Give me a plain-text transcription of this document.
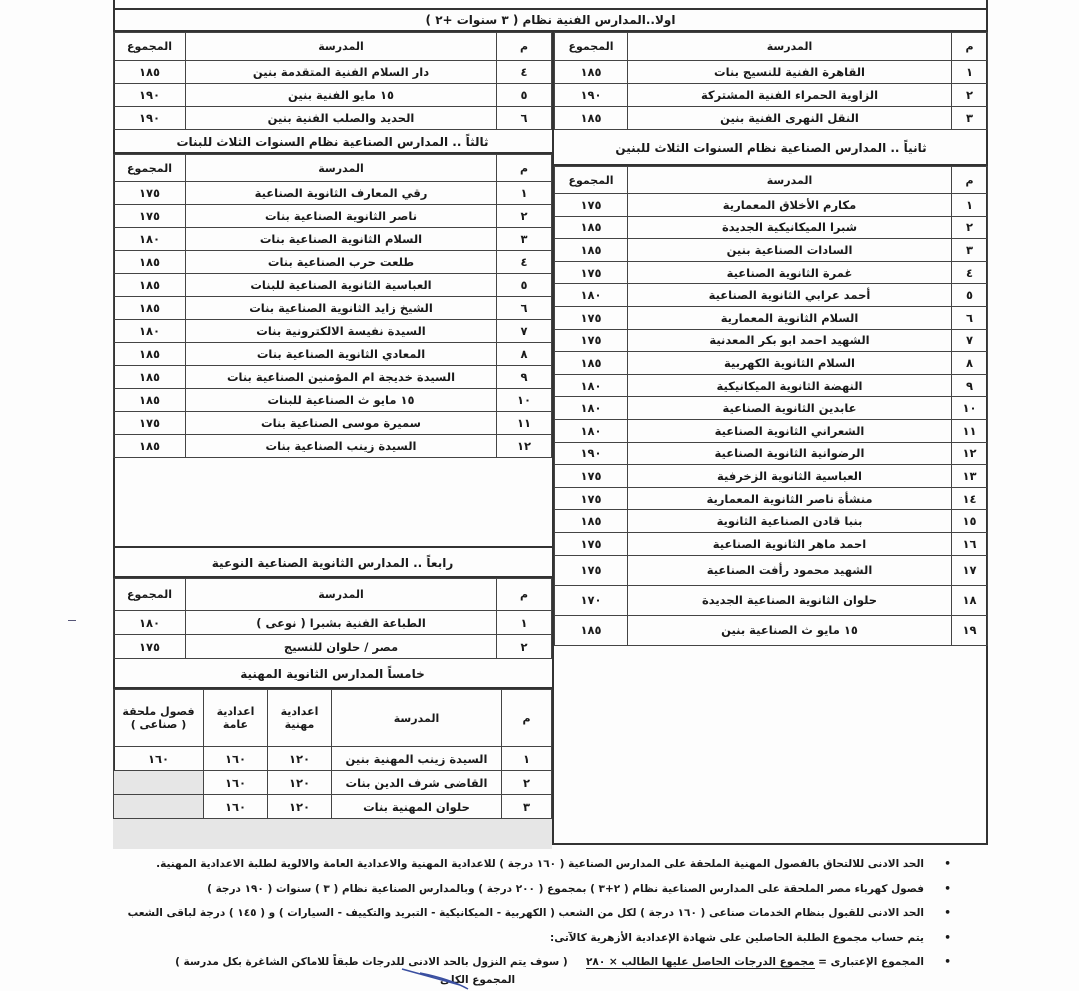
اولا..المدارس الفنية نظام ( ٣ سنوات +٢ )
م	المدرسة	المجموع
١	القاهرة الفنية للنسيج بنات	١٨٥
٢	الزاوية الحمراء الفنية المشتركة	١٩٠
٣	النقل النهرى الفنية بنين	١٨٥
ثانياً .. المدارس الصناعية نظام السنوات الثلاث للبنين
م	المدرسة	المجموع
١	مكارم الأخلاق المعمارية	١٧٥
٢	شبرا الميكانيكية الجديدة	١٨٥
٣	السادات الصناعية بنين	١٨٥
٤	غمرة الثانوية الصناعية	١٧٥
٥	أحمد عرابي الثانوية الصناعية	١٨٠
٦	السلام الثانوية المعمارية	١٧٥
٧	الشهيد احمد ابو بكر المعدنية	١٧٥
٨	السلام الثانوية الكهربية	١٨٥
٩	النهضة الثانوية الميكانيكية	١٨٠
١٠	عابدين الثانوية الصناعية	١٨٠
١١	الشعراني الثانوية الصناعية	١٨٠
١٢	الرضوانية الثانوية الصناعية	١٩٠
١٣	العباسية الثانوية الزخرفية	١٧٥
١٤	منشأة ناصر الثانوية المعمارية	١٧٥
١٥	بنبا قادن الصناعية الثانوية	١٨٥
١٦	احمد ماهر الثانوية الصناعية	١٧٥
١٧	الشهيد محمود رأفت الصناعية	١٧٥
١٨	حلوان الثانوية الصناعية الجديدة	١٧٠
١٩	١٥ مايو ث الصناعية بنين	١٨٥
م	المدرسة	المجموع
٤	دار السلام الفنية المتقدمة بنين	١٨٥
٥	١٥ مايو الفنية بنين	١٩٠
٦	الحديد والصلب الفنية بنين	١٩٠
ثالثاً .. المدارس الصناعية نظام السنوات الثلاث للبنات
م	المدرسة	المجموع
١	رقي المعارف الثانوية الصناعية	١٧٥
٢	ناصر الثانوية الصناعية بنات	١٧٥
٣	السلام الثانوية الصناعية بنات	١٨٠
٤	طلعت حرب الصناعية بنات	١٨٥
٥	العباسية الثانوية الصناعية للبنات	١٨٥
٦	الشيخ زايد الثانوية الصناعية بنات	١٨٥
٧	السيدة نفيسة الالكترونية بنات	١٨٠
٨	المعادي الثانوية الصناعية بنات	١٨٥
٩	السيدة خديجة ام المؤمنين الصناعية بنات	١٨٥
١٠	١٥ مايو ث الصناعية للبنات	١٨٥
١١	سميرة موسى الصناعية بنات	١٧٥
١٢	السيدة زينب الصناعية بنات	١٨٥
رابعاً .. المدارس الثانوية الصناعية النوعية
م	المدرسة	المجموع
١	الطباعة الفنية بشبرا ( نوعى )	١٨٠
٢	مصر / حلوان للنسيج	١٧٥
خامساً المدارس الثانوية المهنية
م	المدرسة	اعدادية مهنية	اعدادية عامة	فصول ملحقة ( صناعى )
١	السيدة زينب المهنية بنين	١٢٠	١٦٠	١٦٠
٢	القاضى شرف الدين بنات	١٢٠	١٦٠	
٣	حلوان المهنية بنات	١٢٠	١٦٠	
• الحد الادنى للالتحاق بالفصول المهنية الملحقة على المدارس الصناعية ( ١٦٠ درجة ) للاعدادية المهنية والاعدادية العامة والالوية لطلبة الاعدادية المهنية.
• فصول كهرباء مصر الملحقة على المدارس الصناعية نظام ( ٢+٣ ) بمجموع ( ٢٠٠ درجة ) وبالمدارس الصناعية نظام ( ٣ ) سنوات ( ١٩٠ درجة )
• الحد الادنى للقبول بنظام الخدمات صناعى ( ١٦٠ درجة ) لكل من الشعب ( الكهربية - الميكانيكية - التبريد والتكييف - السيارات ) و ( ١٤٥ ) درجة لباقى الشعب
• يتم حساب مجموع الطلبة الحاصلين على شهادة الإعدادية الأزهرية كالآتى:
• المجموع الإعتبارى = مجموع الدرجات الحاصل عليها الطالب × ٢٨٠     ( سوف يتم النزول بالحد الادنى للدرجات طبقاً للاماكن الشاغرة بكل مدرسة )
المجموع الكلى
